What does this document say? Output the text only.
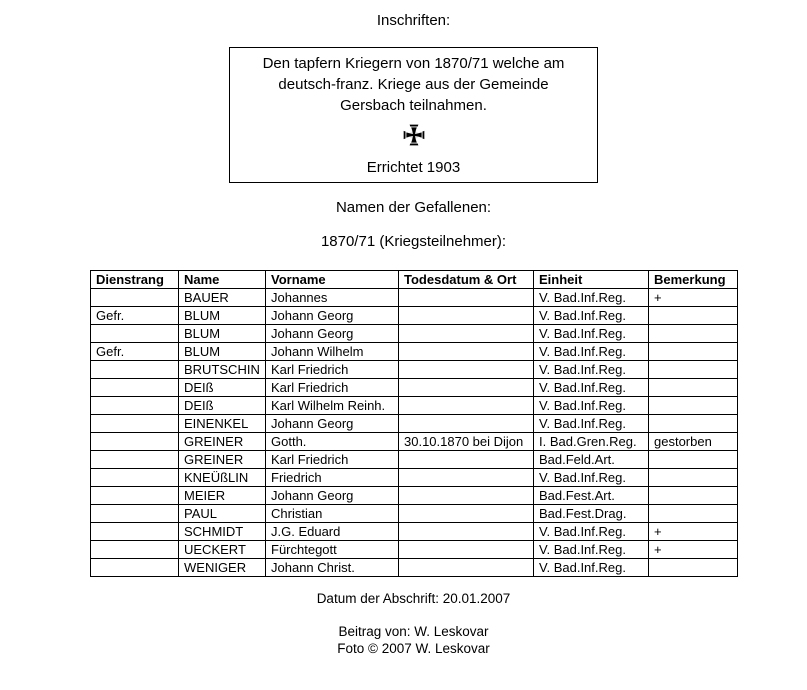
Inschriften:
Den tapfern Kriegern von 1870/71 welche am
deutsch-franz. Kriege aus der Gemeinde
Gersbach teilnahmen.
Errichtet 1903
Namen der Gefallenen:
1870/71 (Kriegsteilnehmer):
Dienstrang	Name	Vorname	Todesdatum & Ort	Einheit	Bemerkung
	BAUER	Johannes		V. Bad.Inf.Reg.	+
Gefr.	BLUM	Johann Georg		V. Bad.Inf.Reg.	
	BLUM	Johann Georg		V. Bad.Inf.Reg.	
Gefr.	BLUM	Johann Wilhelm		V. Bad.Inf.Reg.	
	BRUTSCHIN	Karl Friedrich		V. Bad.Inf.Reg.	
	DEIß	Karl Friedrich		V. Bad.Inf.Reg.	
	DEIß	Karl Wilhelm Reinh.		V. Bad.Inf.Reg.	
	EINENKEL	Johann Georg		V. Bad.Inf.Reg.	
	GREINER	Gotth.	30.10.1870 bei Dijon	I. Bad.Gren.Reg.	gestorben
	GREINER	Karl Friedrich		Bad.Feld.Art.	
	KNEÜßLIN	Friedrich		V. Bad.Inf.Reg.	
	MEIER	Johann Georg		Bad.Fest.Art.	
	PAUL	Christian		Bad.Fest.Drag.	
	SCHMIDT	J.G. Eduard		V. Bad.Inf.Reg.	+
	UECKERT	Fürchtegott		V. Bad.Inf.Reg.	+
	WENIGER	Johann Christ.		V. Bad.Inf.Reg.	
Datum der Abschrift: 20.01.2007
Beitrag von: W. Leskovar
Foto © 2007 W. Leskovar
